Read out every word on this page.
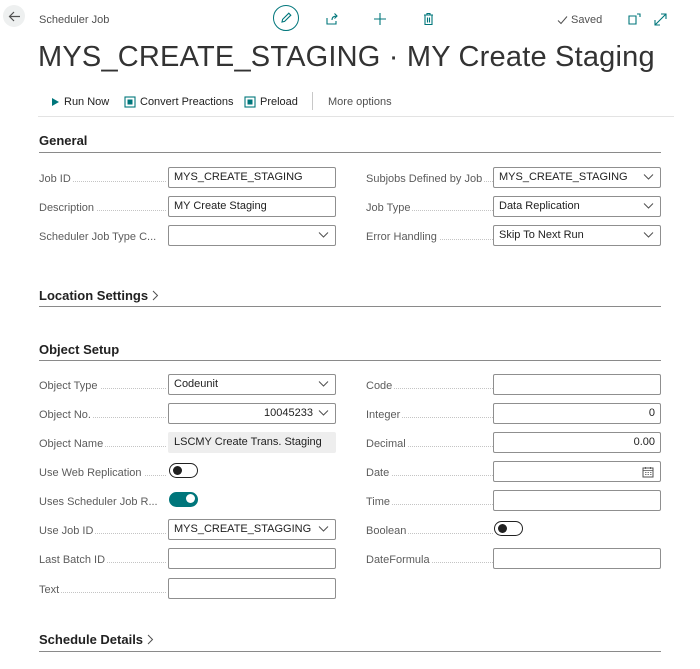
Scheduler Job	Saved
MYS_CREATE_STAGING · MY Create Staging
Run Now	Convert Preactions Preload	More options
General
Job ID	MYS_CREATE_STAGING
Description	MY Create Staging
Scheduler Job Type C...
Subjobs Defined by Job	MYS_CREATE_STAGING
Job Type	Data Replication
Error Handling	Skip To Next Run
Location Settings
Object Setup
Object Type	Codeunit
Object No.	10045233
Object Name	LSCMY Create Trans. Staging
Use Web Replication
Uses Scheduler Job R...
Use Job ID	MYS_CREATE_STAGGING
Last Batch ID
Text
Code
Integer	0
Decimal	0.00
Date
Time
Boolean
DateFormula
Schedule Details
